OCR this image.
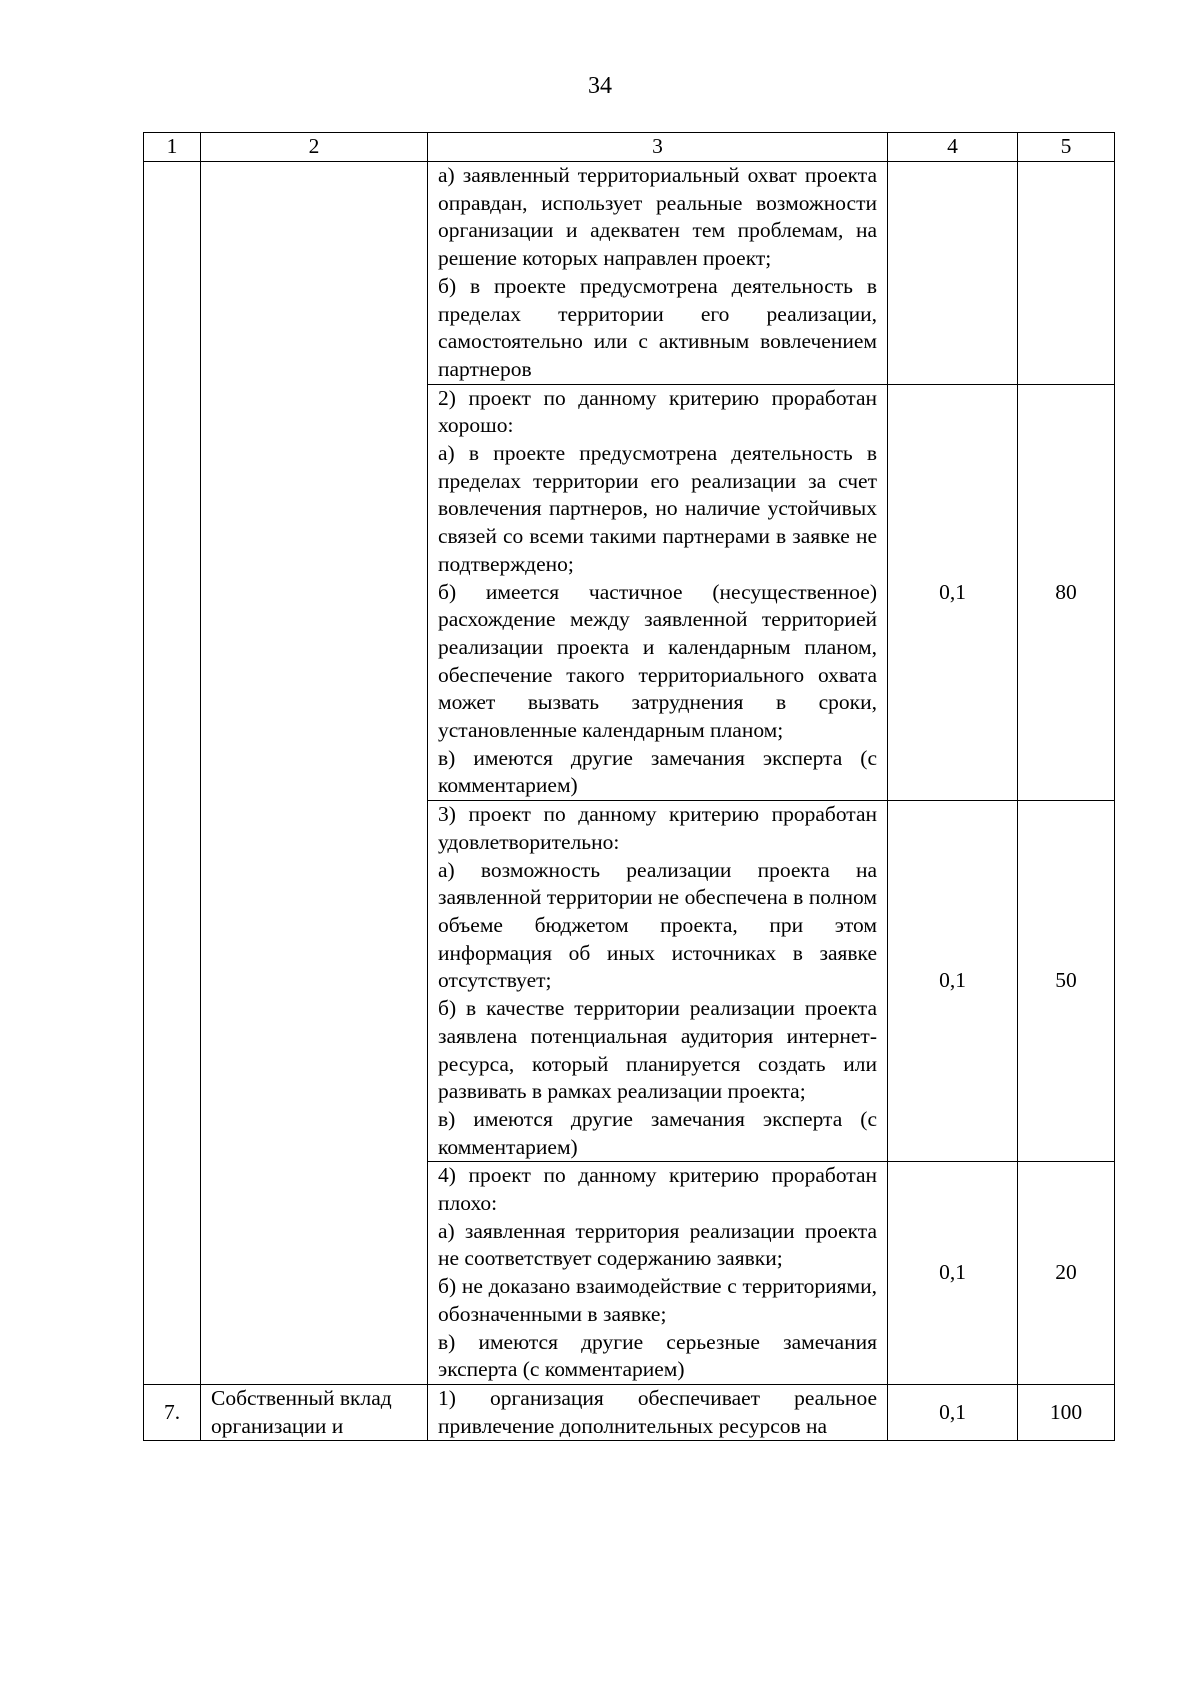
34
1	2	3	4	5

		а) заявленный территориальный охват проекта оправдан, использует реальные возможности организации и адекватен тем проблемам, на решение которых направлен проект;
б) в проекте предусмотрена деятельность в пределах территории его реализации, самостоятельно или с активным вовлечением партнеров		

		2) проект по данному критерию проработан хорошо:
а) в проекте предусмотрена деятельность в пределах территории его реализации за счет вовлечения партнеров, но наличие устойчивых связей со всеми такими партнерами в заявке не подтверждено;
б) имеется частичное (несущественное) расхождение между заявленной территорией реализации проекта и календарным планом, обеспечение такого территориального охвата может вызвать затруднения в сроки, установленные календарным планом;
в) имеются другие замечания эксперта (с комментарием)	0,1	80

		3) проект по данному критерию проработан удовлетворительно:
а) возможность реализации проекта на заявленной территории не обеспечена в полном объеме бюджетом проекта, при этом информация об иных источниках в заявке отсутствует;
б) в качестве территории реализации проекта заявлена потенциальная аудитория интернет-ресурса, который планируется создать или развивать в рамках реализации проекта;
в) имеются другие замечания эксперта (с комментарием)	0,1	50

		4) проект по данному критерию проработан плохо:
а) заявленная территория реализации проекта не соответствует содержанию заявки;
б) не доказано взаимодействие с территориями, обозначенными в заявке;
в) имеются другие серьезные замечания эксперта (с комментарием)	0,1	20
7.	Собственный вклад организации и	1) организация обеспечивает реальное привлечение дополнительных ресурсов на	0,1	100
